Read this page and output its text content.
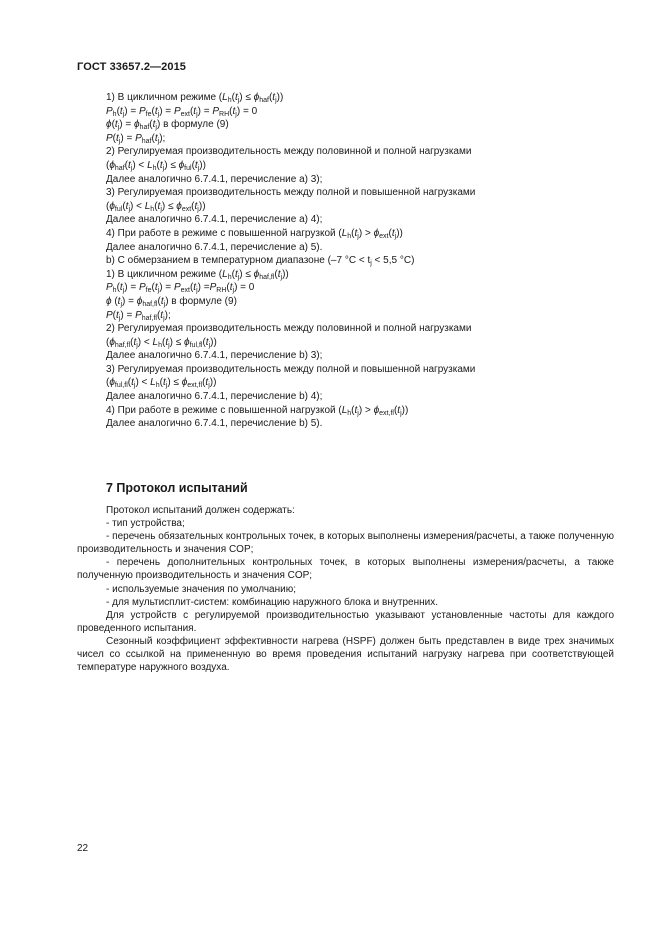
ГОСТ 33657.2—2015
1) В цикличном режиме $(L_h(t_j) \le \phi_{haf}(t_j))$
$P_h(t_j) = P_{fe}(t_j) = P_{ext}(t_j) = P_{RH}(t_j) = 0$
$\phi(t_j) = \phi_{haf}(t_j)$ в формуле (9)
$P(t_j) = P_{haf}(t_j)$;
2) Регулируемая производительность между половинной и полной нагрузками
$(\phi_{haf}(t_j) < L_h(t_j) \le \phi_{ful}(t_j))$
Далее аналогично 6.7.4.1, перечисление а) 3);
3) Регулируемая производительность между полной и повышенной нагрузками
$(\phi_{ful}(t_j) < L_h(t_j) \le \phi_{ext}(t_j))$
Далее аналогично 6.7.4.1, перечисление а) 4);
4) При работе в режиме с повышенной нагрузкой $(L_h(t_j) > \phi_{ext}(t_j))$
Далее аналогично 6.7.4.1, перечисление а) 5).
b) С обмерзанием в температурном диапазоне (–7 $^\circ С < t_j < 5,5$ °С)
1) В цикличном режиме $(L_h(t_j) \le \phi_{haf,fl}(t_j))$
$P_h(t_j) = P_{fe}(t_j) = P_{ext}(t_j) =P_{RH}(t_j) = 0$
ϕ $(t_j) = \phi_{haf,fl}(t_j)$ в формуле (9)
$P(t_j) = P_{haf,fl}(t_j)$;
2) Регулируемая производительность между половинной и полной нагрузками
$(\phi_{haf,fl}(t_j) < L_h(t_j) \le \phi_{ful,fl}(t_j))$
Далее аналогично 6.7.4.1, перечисление b) 3);
3) Регулируемая производительность между полной и повышенной нагрузками
$(\phi_{ful,fl}(t_j) < L_h(t_j) \le \phi_{ext,fl}(t_j))$
Далее аналогично 6.7.4.1, перечисление b) 4);
4) При работе в режиме с повышенной нагрузкой $(L_h(t_j) > \phi_{ext,fl}(t_j))$
Далее аналогично 6.7.4.1, перечисление b) 5).
7 Протокол испытаний

Протокол испытаний должен содержать:

- тип устройства;

- перечень обязательных контрольных точек, в которых выполнены измерения/расчеты, а также полученную производительность и значения COP;

- перечень дополнительных контрольных точек, в которых выполнены измерения/расчеты, а также полученную производительность и значения COP;

- используемые значения по умолчанию;

- для мультисплит-систем: комбинацию наружного блока и внутренних.

Для устройств с регулируемой производительностью указывают установленные частоты для каждого проведенного испытания.

Сезонный коэффициент эффективности нагрева (HSPF) должен быть представлен в виде трех значимых чисел со ссылкой на примененную во время проведения испытаний нагрузку нагрева при соответствующей температуре наружного воздуха.

22
